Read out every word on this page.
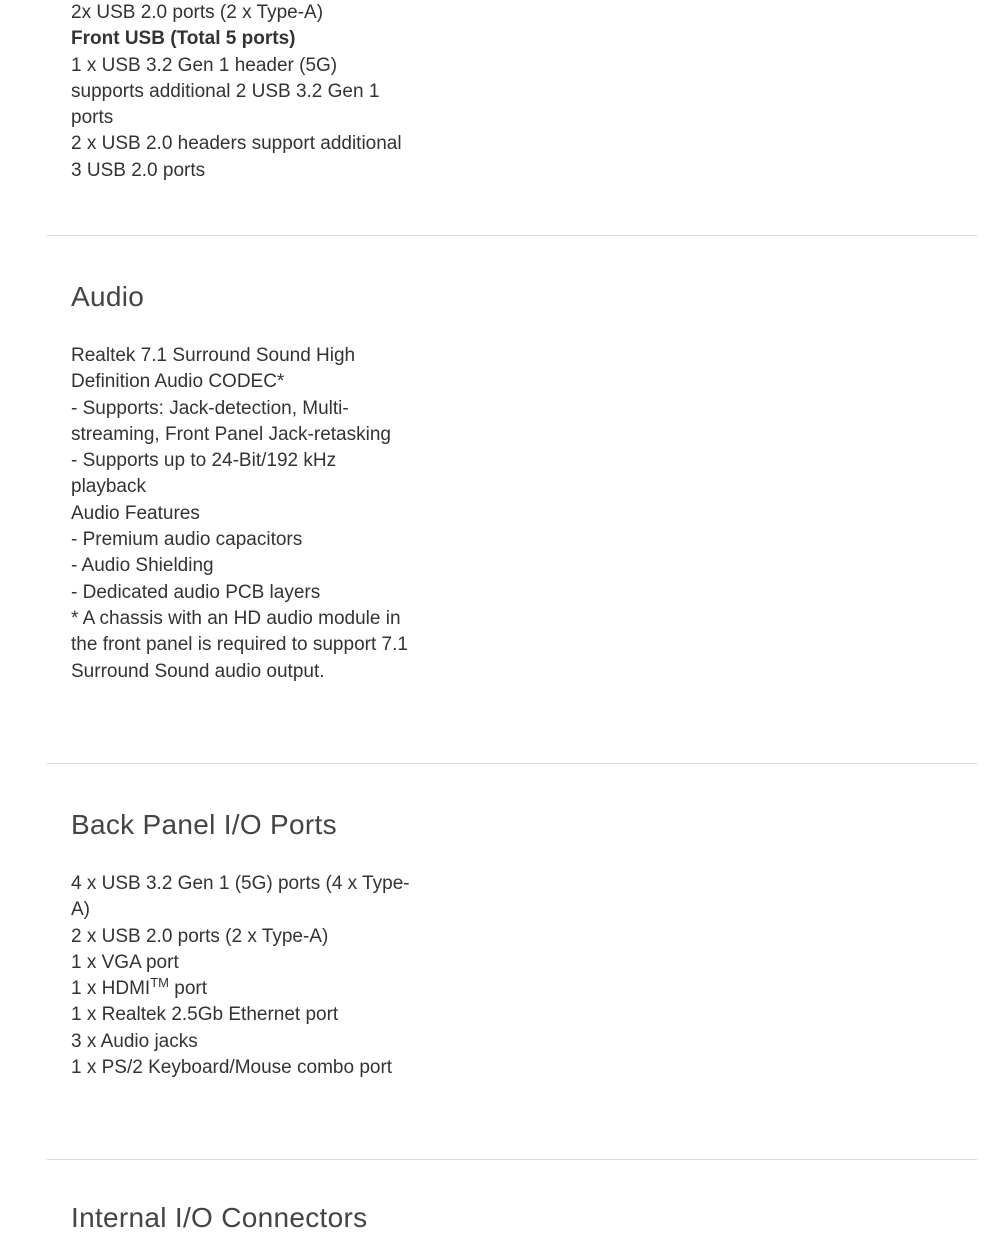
2x USB 2.0 ports (2 x Type-A)
Front USB (Total 5 ports)
1 x USB 3.2 Gen 1 header (5G) supports additional 2 USB 3.2 Gen 1 ports
2 x USB 2.0 headers support additional 3 USB 2.0 ports
Audio
Realtek 7.1 Surround Sound High Definition Audio CODEC*
- Supports: Jack-detection, Multi-streaming, Front Panel Jack-retasking
- Supports up to 24-Bit/192 kHz playback
Audio Features
- Premium audio capacitors
- Audio Shielding
- Dedicated audio PCB layers
* A chassis with an HD audio module in the front panel is required to support 7.1 Surround Sound audio output.
Back Panel I/O Ports
4 x USB 3.2 Gen 1 (5G) ports (4 x Type-A)
2 x USB 2.0 ports (2 x Type-A)
1 x VGA port
1 x HDMI™ port
1 x Realtek 2.5Gb Ethernet port
3 x Audio jacks
1 x PS/2 Keyboard/Mouse combo port
Internal I/O Connectors
